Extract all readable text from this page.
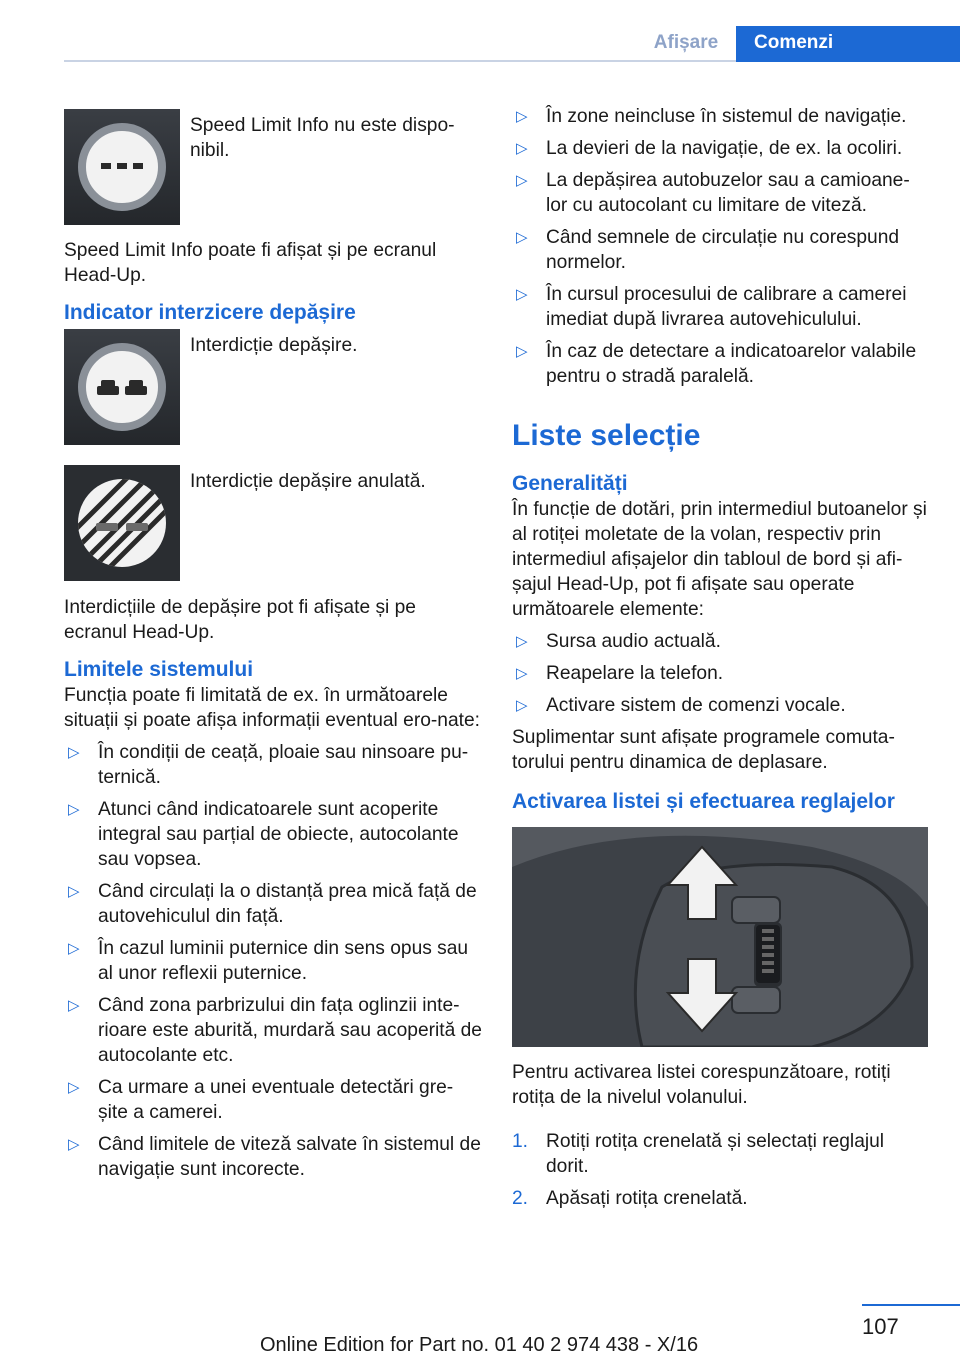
Afișare	Comenzi

Speed Limit Info nu este dispo-nibil.

Speed Limit Info poate fi afișat și pe ecranul Head-Up.

Indicator interzicere depășire

Interdicție depășire.

Interdicție depășire anulată.

Interdicțiile de depășire pot fi afișate și pe ecranul Head-Up.

Limitele sistemului

Funcția poate fi limitată de ex. în următoarele situații și poate afișa informații eventual ero-nate:

▷ În condiții de ceață, ploaie sau ninsoare pu-ternică.
▷ Atunci când indicatoarele sunt acoperite integral sau parțial de obiecte, autocolante sau vopsea.
▷ Când circulați la o distanță prea mică față de autovehiculul din față.
▷ În cazul luminii puternice din sens opus sau al unor reflexii puternice.
▷ Când zona parbrizului din fața oglinzii inte-rioare este aburită, murdară sau acoperită de autocolante etc.
▷ Ca urmare a unei eventuale detectări gre-șite a camerei.
▷ Când limitele de viteză salvate în sistemul de navigație sunt incorecte.
▷ În zone neincluse în sistemul de navigație.
▷ La devieri de la navigație, de ex. la ocoliri.
▷ La depășirea autobuzelor sau a camioane-lor cu autocolant cu limitare de viteză.
▷ Când semnele de circulație nu corespund normelor.
▷ În cursul procesului de calibrare a camerei imediat după livrarea autovehiculului.
▷ În caz de detectare a indicatoarelor valabile pentru o stradă paralelă.
Liste selecție
Generalități

În funcție de dotări, prin intermediul butoanelor și al rotiței moletate de la volan, respectiv prin intermediul afișajelor din tabloul de bord și afi-șajul Head-Up, pot fi afișate sau operate următoarele elemente:

▷ Sursa audio actuală.
▷ Reapelare la telefon.
▷ Activare sistem de comenzi vocale.

Suplimentar sunt afișate programele comuta-torului pentru dinamica de deplasare.

Activarea listei și efectuarea reglajelor

Pentru activarea listei corespunzătoare, rotiți rotița de la nivelul volanului.

1. Rotiți rotița crenelată și selectați reglajul dorit.
2. Apăsați rotița crenelată.
107
Online Edition for Part no. 01 40 2 974 438 - X/16
